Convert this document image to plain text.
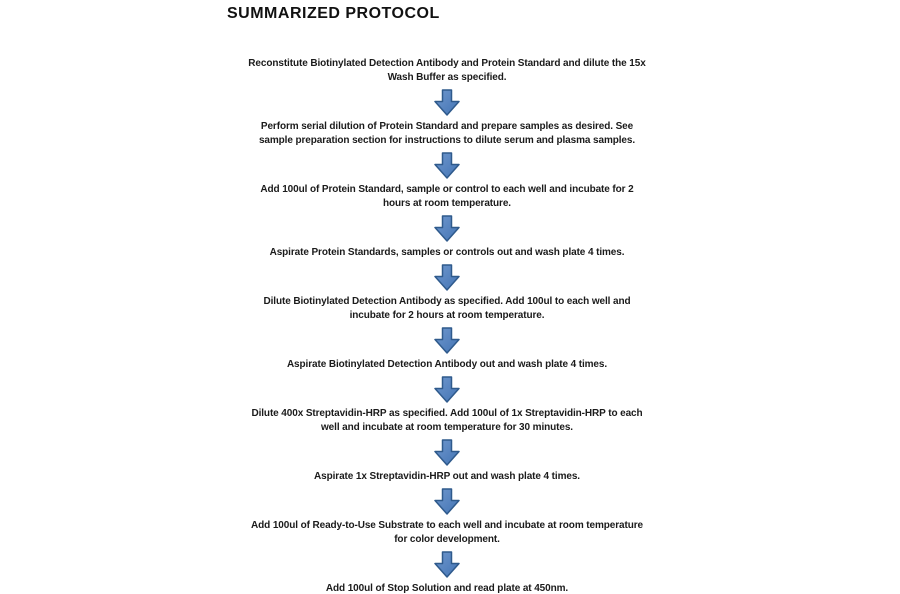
SUMMARIZED PROTOCOL
Reconstitute Biotinylated Detection Antibody and Protein Standard and dilute the 15x
Wash Buffer as specified.
Perform serial dilution of Protein Standard and prepare samples as desired. See
sample preparation section for instructions to dilute serum and plasma samples.
Add 100ul of Protein Standard, sample or control to each well and incubate for 2
hours at room temperature.
Aspirate Protein Standards, samples or controls out and wash plate 4 times.
Dilute Biotinylated Detection Antibody as specified. Add 100ul to each well and
incubate for 2 hours at room temperature.
Aspirate Biotinylated Detection Antibody out and wash plate 4 times.
Dilute 400x Streptavidin-HRP as specified. Add 100ul of 1x Streptavidin-HRP to each
well and incubate at room temperature for 30 minutes.
Aspirate 1x Streptavidin-HRP out and wash plate 4 times.
Add 100ul of Ready-to-Use Substrate to each well and incubate at room temperature
for color development.
Add 100ul of Stop Solution and read plate at 450nm.
